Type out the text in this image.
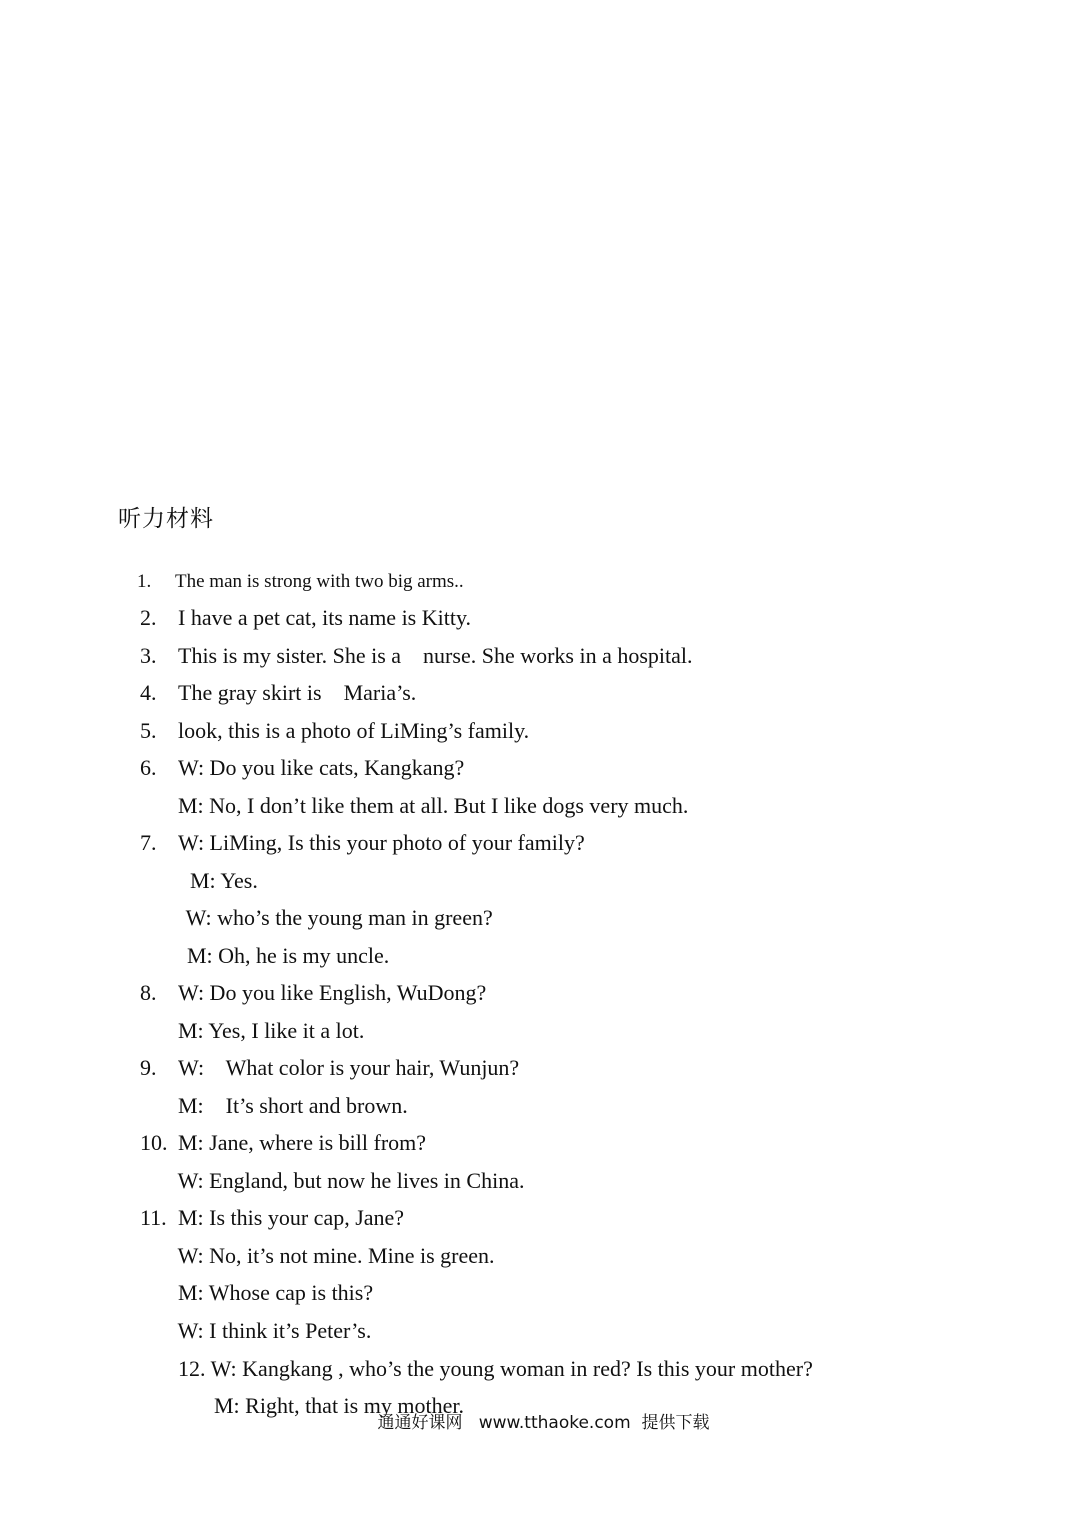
听力材料

1. The man is strong with two big arms..

2. I have a pet cat, its name is Kitty.

3. This is my sister. She is a    nurse. She works in a hospital.

4. The gray skirt is    Maria’s.

5. look, this is a photo of LiMing’s family.

6. W: Do you like cats, Kangkang?

M: No, I don’t like them at all. But I like dogs very much.

7. W: LiMing, Is this your photo of your family?

M: Yes.

W: who’s the young man in green?

M: Oh, he is my uncle.

8. W: Do you like English, WuDong?

M: Yes, I like it a lot.

9. W:    What color is your hair, Wunjun?

M:    It’s short and brown.

10. M: Jane, where is bill from?

W: England, but now he lives in China.

11. M: Is this your cap, Jane?

W: No, it’s not mine. Mine is green.

M: Whose cap is this?

W: I think it’s Peter’s.

12. W: Kangkang , who’s the young woman in red? Is this your mother?

M: Right, that is my mother.

通通好课网   www.tthaoke.com  提供下载
